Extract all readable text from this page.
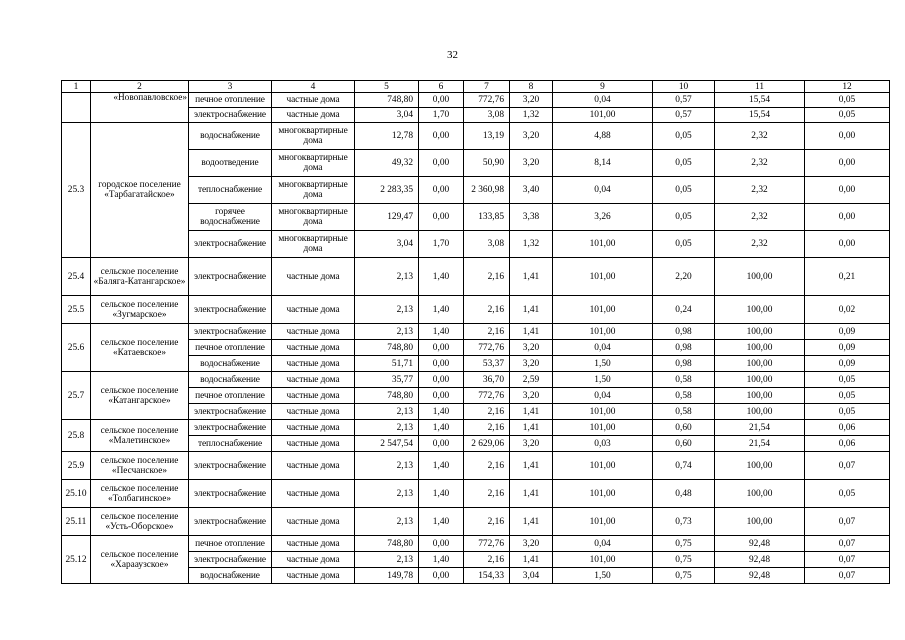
32
1	2	3	4	5	6	7	8	9	10	11	12
	«Новопавловское»	печное отопление	частные дома	748,80	0,00	772,76	3,20	0,04	0,57	15,54	0,05
		электроснабжение	частные дома	3,04	1,70	3,08	1,32	101,00	0,57	15,54	0,05
25.3	городское поселение «Тарбагатайское»	водоснабжение	многоквартирные дома	12,78	0,00	13,19	3,20	4,88	0,05	2,32	0,00
		водоотведение	многоквартирные дома	49,32	0,00	50,90	3,20	8,14	0,05	2,32	0,00
		теплоснабжение	многоквартирные дома	2 283,35	0,00	2 360,98	3,40	0,04	0,05	2,32	0,00
		горячее водоснабжение	многоквартирные дома	129,47	0,00	133,85	3,38	3,26	0,05	2,32	0,00
		электроснабжение	многоквартирные дома	3,04	1,70	3,08	1,32	101,00	0,05	2,32	0,00
25.4	сельское поселение «Баляга-Катангарское»	электроснабжение	частные дома	2,13	1,40	2,16	1,41	101,00	2,20	100,00	0,21
25.5	сельское поселение «Зугмарское»	электроснабжение	частные дома	2,13	1,40	2,16	1,41	101,00	0,24	100,00	0,02
25.6	сельское поселение «Катаевское»	электроснабжение	частные дома	2,13	1,40	2,16	1,41	101,00	0,98	100,00	0,09
		печное отопление	частные дома	748,80	0,00	772,76	3,20	0,04	0,98	100,00	0,09
		водоснабжение	частные дома	51,71	0,00	53,37	3,20	1,50	0,98	100,00	0,09
25.7	сельское поселение «Катангарское»	водоснабжение	частные дома	35,77	0,00	36,70	2,59	1,50	0,58	100,00	0,05
		печное отопление	частные дома	748,80	0,00	772,76	3,20	0,04	0,58	100,00	0,05
		электроснабжение	частные дома	2,13	1,40	2,16	1,41	101,00	0,58	100,00	0,05
25.8	сельское поселение «Малетинское»	электроснабжение	частные дома	2,13	1,40	2,16	1,41	101,00	0,60	21,54	0,06
		теплоснабжение	частные дома	2 547,54	0,00	2 629,06	3,20	0,03	0,60	21,54	0,06
25.9	сельское поселение «Песчанское»	электроснабжение	частные дома	2,13	1,40	2,16	1,41	101,00	0,74	100,00	0,07
25.10	сельское поселение «Толбагинское»	электроснабжение	частные дома	2,13	1,40	2,16	1,41	101,00	0,48	100,00	0,05
25.11	сельское поселение «Усть-Оборское»	электроснабжение	частные дома	2,13	1,40	2,16	1,41	101,00	0,73	100,00	0,07
25.12	сельское поселение «Харааузское»	печное отопление	частные дома	748,80	0,00	772,76	3,20	0,04	0,75	92,48	0,07
		электроснабжение	частные дома	2,13	1,40	2,16	1,41	101,00	0,75	92,48	0,07
		водоснабжение	частные дома	149,78	0,00	154,33	3,04	1,50	0,75	92,48	0,07
